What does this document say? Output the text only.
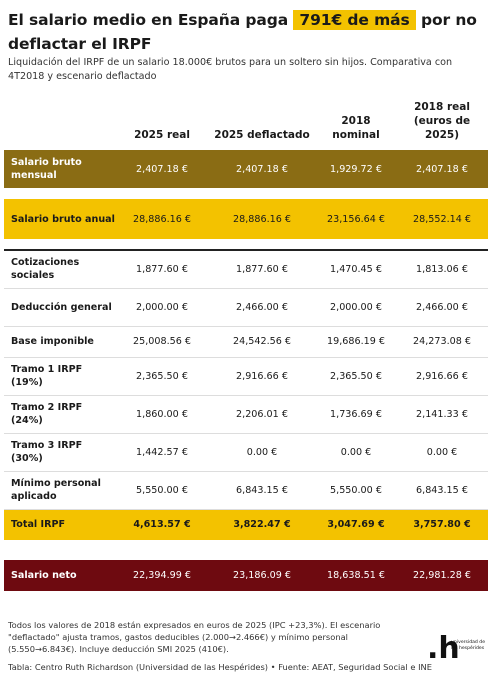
El salario medio en España paga 791€ de más por no deflactar el IRPF
Liquidación del IRPF de un salario 18.000€ brutos para un soltero sin hijos. Comparativa con 4T2018 y escenario deflactado
	2025 real	2025 deflactado	2018 nominal	2018 real (euros de 2025)
Salario bruto mensual	2,407.18 €	2,407.18 €	1,929.72 €	2,407.18 €

Salario bruto anual	28,886.16 €	28,886.16 €	23,156.64 €	28,552.14 €

Cotizaciones sociales	1,877.60 €	1,877.60 €	1,470.45 €	1,813.06 €
Deducción general	2,000.00 €	2,466.00 €	2,000.00 €	2,466.00 €
Base imponible	25,008.56 €	24,542.56 €	19,686.19 €	24,273.08 €
Tramo 1 IRPF (19%)	2,365.50 €	2,916.66 €	2,365.50 €	2,916.66 €
Tramo 2 IRPF (24%)	1,860.00 €	2,206.01 €	1,736.69 €	2,141.33 €
Tramo 3 IRPF (30%)	1,442.57 €	0.00 €	0.00 €	0.00 €
Mínimo personal aplicado	5,550.00 €	6,843.15 €	5,550.00 €	6,843.15 €
Total IRPF	4,613.57 €	3,822.47 €	3,047.69 €	3,757.80 €

Salario neto	22,394.99 €	23,186.09 €	18,638.51 €	22,981.28 €
Todos los valores de 2018 están expresados en euros de 2025 (IPC +23,3%). El escenario "deflactado" ajusta tramos, gastos deducibles (2.000→2.466€) y mínimo personal (5.550→6.843€). Incluye deducción SMI 2025 (410€).
Tabla: Centro Ruth Richardson (Universidad de las Hespérides) • Fuente: AEAT, Seguridad Social e INE
.h
universidad de las hespérides
